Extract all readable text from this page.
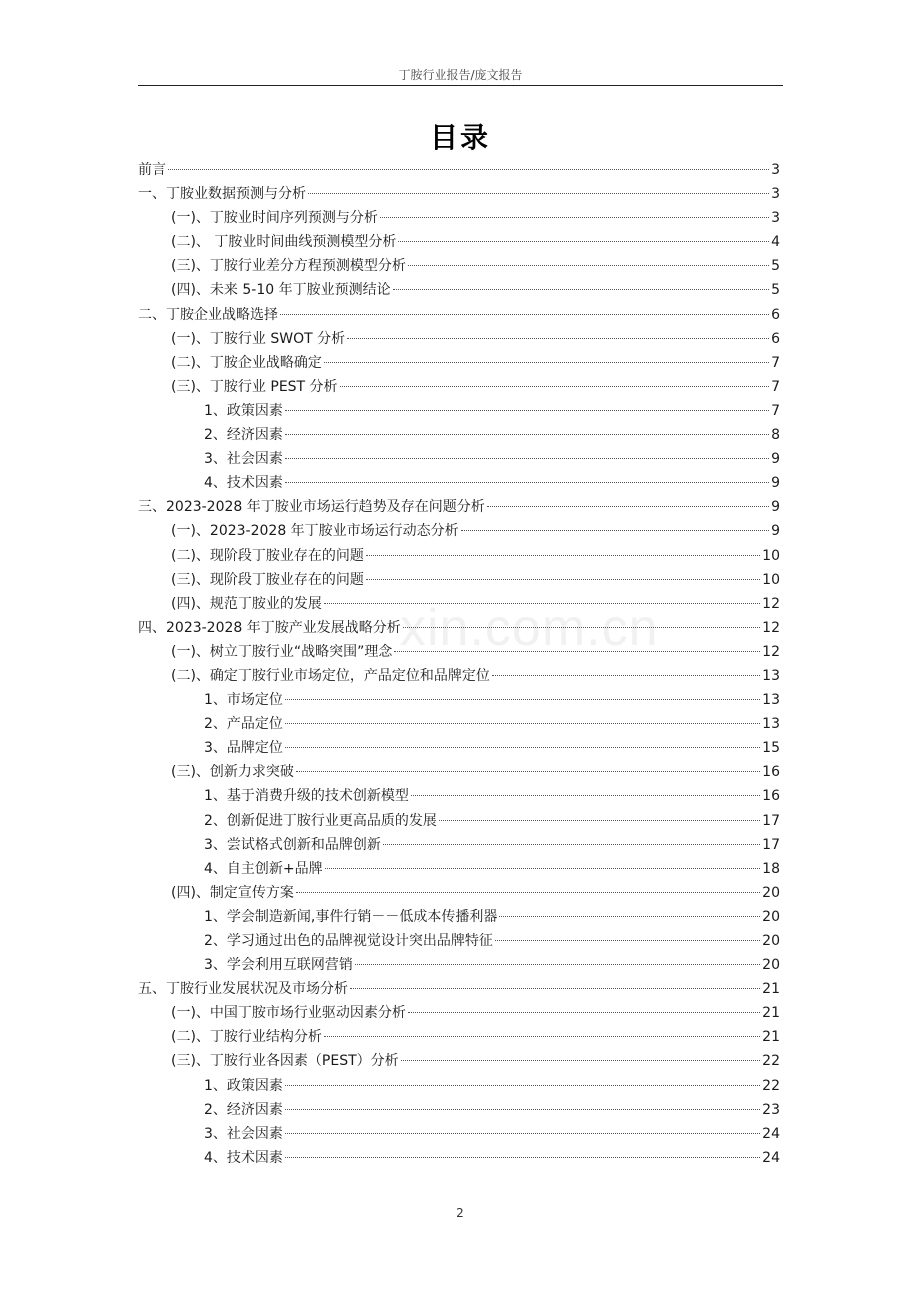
丁胺行业报告/庞文报告
目录
xin.com.cn
前言	3
一、丁胺业数据预测与分析	3
(一)、丁胺业时间序列预测与分析	3
(二)、 丁胺业时间曲线预测模型分析	4
(三)、丁胺行业差分方程预测模型分析	5
(四)、未来 5-10 年丁胺业预测结论	5
二、丁胺企业战略选择	6
(一)、丁胺行业 SWOT 分析	6
(二)、丁胺企业战略确定	7
(三)、丁胺行业 PEST 分析	7
1、政策因素	7
2、经济因素	8
3、社会因素	9
4、技术因素	9
三、2023-2028 年丁胺业市场运行趋势及存在问题分析	9
(一)、2023-2028 年丁胺业市场运行动态分析	9
(二)、现阶段丁胺业存在的问题	10
(三)、现阶段丁胺业存在的问题	10
(四)、规范丁胺业的发展	12
四、2023-2028 年丁胺产业发展战略分析	12
(一)、树立丁胺行业“战略突围”理念	12
(二)、确定丁胺行业市场定位，产品定位和品牌定位	13
1、市场定位	13
2、产品定位	13
3、品牌定位	15
(三)、创新力求突破	16
1、基于消费升级的技术创新模型	16
2、创新促进丁胺行业更高品质的发展	17
3、尝试格式创新和品牌创新	17
4、自主创新+品牌	18
(四)、制定宣传方案	20
1、学会制造新闻,事件行销－－低成本传播利器	20
2、学习通过出色的品牌视觉设计突出品牌特征	20
3、学会利用互联网营销	20
五、丁胺行业发展状况及市场分析	21
(一)、中国丁胺市场行业驱动因素分析	21
(二)、丁胺行业结构分析	21
(三)、丁胺行业各因素（PEST）分析	22
1、政策因素	22
2、经济因素	23
3、社会因素	24
4、技术因素	24
2
